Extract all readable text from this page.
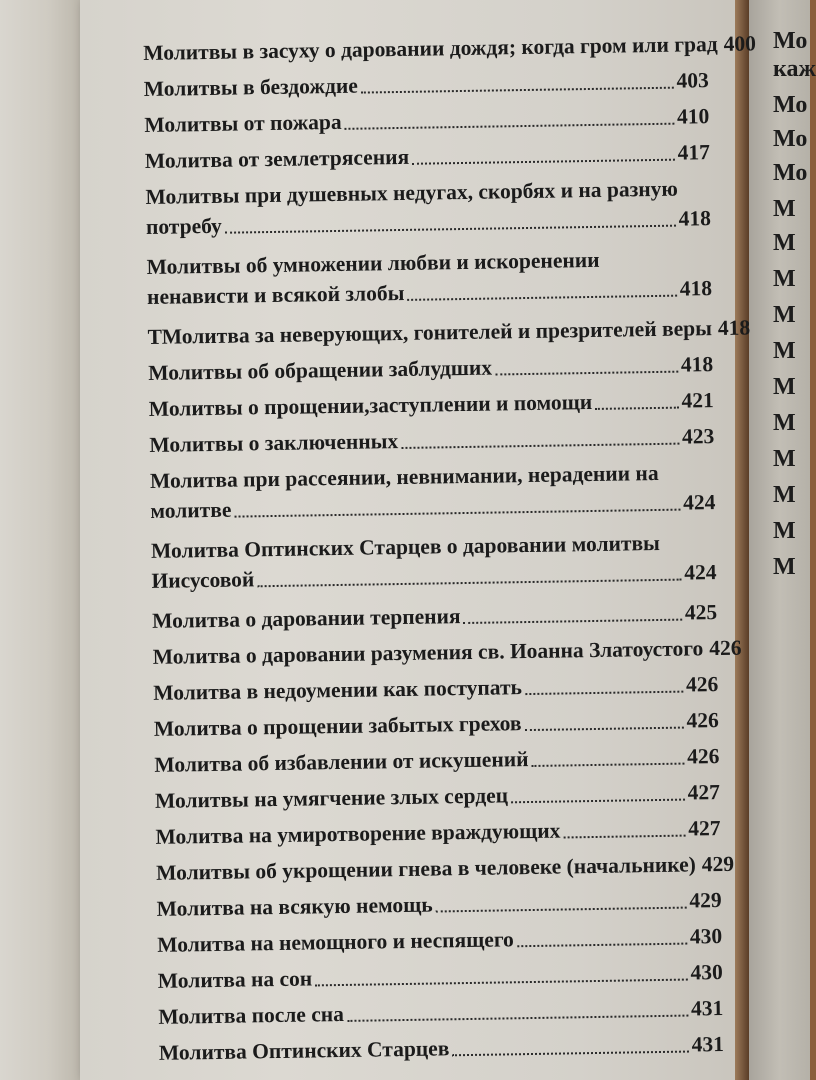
Мо
каж
Мо
Мо
Мо
М
М
М
М
М
М
М
М
М
М
М
Молитвы в засуху о даровании дождя; когда гром или град 400
Молитвы в бездождие	403
Молитвы от пожара	410
Молитва от землетрясения	417
Молитвы при душевных недугах, скорбях и на разную
потребу	418
Молитвы об умножении любви и искоренении
ненависти и всякой злобы	418
ТМолитва за неверующих, гонителей и презрителей веры 418
Молитвы об обращении заблудших	418
Молитвы о прощении,заступлении и помощи	421
Молитвы о заключенных	423
Молитва при рассеянии, невнимании, нерадении на
молитве	424
Молитва Оптинских Старцев о даровании молитвы
Иисусовой	424
Молитва о даровании терпения	425
Молитва о даровании разумения св. Иоанна Златоустого 426
Молитва в недоумении как поступать	426
Молитва о прощении забытых грехов	426
Молитва об избавлении от искушений	426
Молитвы на умягчение злых сердец	427
Молитва на умиротворение враждующих	427
Молитвы об укрощении гнева в человеке (начальнике) 429
Молитва на всякую немощь	429
Молитва на немощного и неспящего	430
Молитва на сон	430
Молитва после сна	431
Молитва Оптинских Старцев	431
